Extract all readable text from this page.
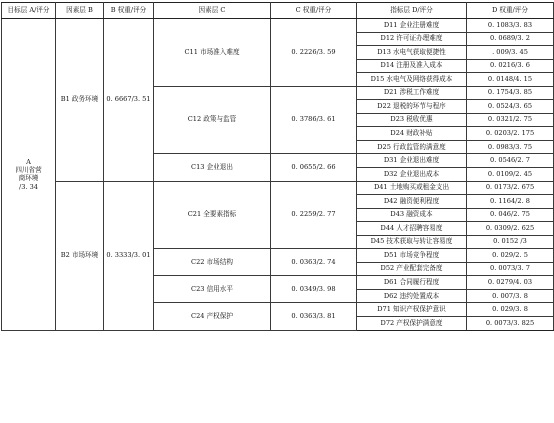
目标层 A/评分	因素层 B	B 权重/评分	因素层 C	C 权重/评分	指标层 D/评分	D 权重/评分

A
四川省营
商环境
/3. 34	B1 政务环境	0. 6667/3. 51	C11 市场准入难度	0. 2226/3. 59	D11 企业注册难度	0. 1083/3. 83
					D12 许可证办理难度	0. 0689/3. 2
					D13 水电气获取便捷性	. 009/3. 45
					D14 注册及准入成本	0. 0216/3. 6
					D15 水电气及网络获得成本	0. 0148/4. 15
			C12 政策与监管	0. 3786/3. 61	D21 涉税工作难度	0. 1754/3. 85
					D22 退税的环节与程序	0. 0524/3. 65
					D23 税收优惠	0. 0321/2. 75
					D24 财政补贴	0. 0203/2. 175
					D25 行政监管的满意度	0. 0983/3. 75
			C13 企业退出	0. 0655/2. 66	D31 企业退出难度	0. 0546/2. 7
					D32 企业退出成本	0. 0109/2. 45
	B2 市场环境	0. 3333/3. 01	C21 全要素指标	0. 2259/2. 77	D41 土地购买或租金支出	0. 0173/2. 675
					D42 融资便利程度	0. 1164/2. 8
					D43 融资成本	0. 046/2. 75
					D44 人才招聘容易度	0. 0309/2. 625
					D45 技术获取与转让容易度	0. 0152 /3
			C22 市场结构	0. 0363/2. 74	D51 市场竞争程度	0. 029/2. 5
					D52 产业配套完备度	0. 0073/3. 7
			C23 信用水平	0. 0349/3. 98	D61 合同履行程度	0. 0279/4. 03
					D62 违约处置成本	0. 007/3. 8
			C24 产权保护	0. 0363/3. 81	D71 知识产权保护意识	0. 029/3. 8
					D72 产权保护满意度	0. 0073/3. 825
